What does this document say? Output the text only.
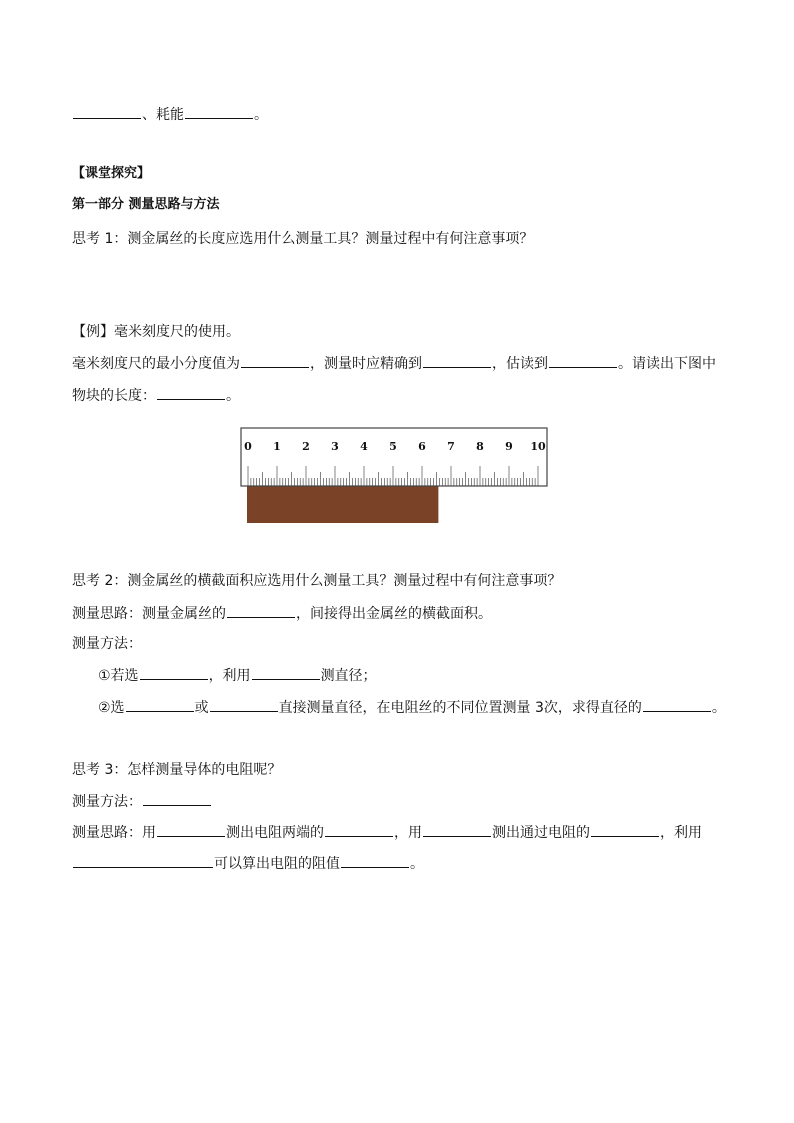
、耗能	。
【课堂探究】
第一部分 测量思路与方法
思考 1：测金属丝的长度应选用什么测量工具？测量过程中有何注意事项？
【例】毫米刻度尺的使用。
毫米刻度尺的最小分度值为	，测量时应精确到	，估读到	。请读出下图中
物块的长度：	。
0 1 2 3 4 5 6 7 8 9 10
思考 2：测金属丝的横截面积应选用什么测量工具？测量过程中有何注意事项？
测量思路：测量金属丝的	，间接得出金属丝的横截面积。
测量方法：
①若选	，利用	测直径；
②选	或	直接测量直径，在电阻丝的不同位置测量 3次，求得直径的	。
思考 3：怎样测量导体的电阻呢？
测量方法：
测量思路：用	测出电阻两端的	，用	测出通过电阻的	，利用
可以算出电阻的阻值	。
